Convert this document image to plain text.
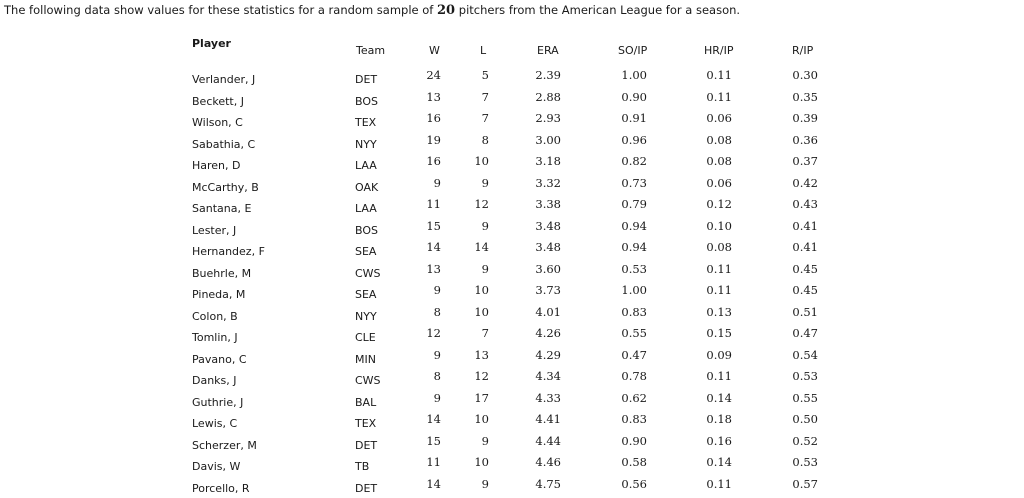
The following data show values for these statistics for a random sample of 20 pitchers from the American League for a season.
Player
Team	W	L	ERA	SO/IP	HR/IP	R/IP
Verlander, J	DET	24	5	2.39	1.00	0.11	0.30
Beckett, J	BOS	13	7	2.88	0.90	0.11	0.35
Wilson, C	TEX	16	7	2.93	0.91	0.06	0.39
Sabathia, C	NYY	19	8	3.00	0.96	0.08	0.36
Haren, D	LAA	16	10	3.18	0.82	0.08	0.37
McCarthy, B	OAK	9	9	3.32	0.73	0.06	0.42
Santana, E	LAA	11	12	3.38	0.79	0.12	0.43
Lester, J	BOS	15	9	3.48	0.94	0.10	0.41
Hernandez, F	SEA	14	14	3.48	0.94	0.08	0.41
Buehrle, M	CWS	13	9	3.60	0.53	0.11	0.45
Pineda, M	SEA	9	10	3.73	1.00	0.11	0.45
Colon, B	NYY	8	10	4.01	0.83	0.13	0.51
Tomlin, J	CLE	12	7	4.26	0.55	0.15	0.47
Pavano, C	MIN	9	13	4.29	0.47	0.09	0.54
Danks, J	CWS	8	12	4.34	0.78	0.11	0.53
Guthrie, J	BAL	9	17	4.33	0.62	0.14	0.55
Lewis, C	TEX	14	10	4.41	0.83	0.18	0.50
Scherzer, M	DET	15	9	4.44	0.90	0.16	0.52
Davis, W	TB	11	10	4.46	0.58	0.14	0.53
Porcello, R	DET	14	9	4.75	0.56	0.11	0.57
